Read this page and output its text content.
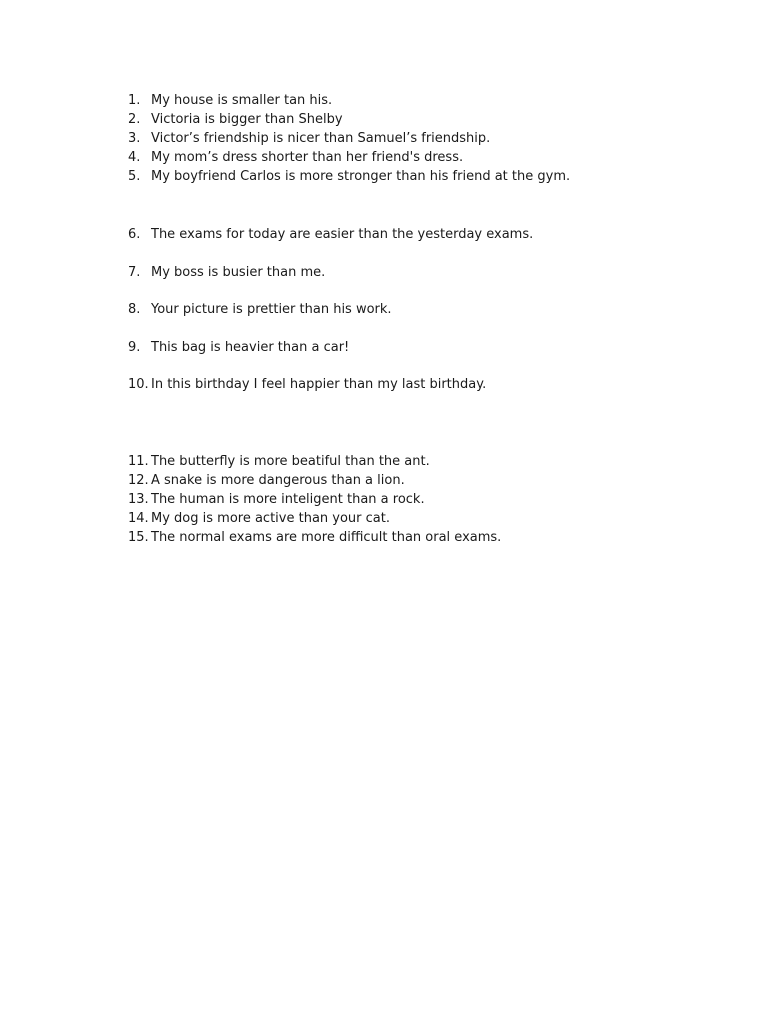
1. My house is smaller tan his.
2. Victoria is bigger than Shelby
3. Victor’s friendship is nicer than Samuel’s friendship.
4. My mom’s dress shorter than her friend's dress.
5. My boyfriend Carlos is more stronger than his friend at the gym.
6. The exams for today are easier than the yesterday exams.
7. My boss is busier than me.
8. Your picture is prettier than his work.
9. This bag is heavier than a car!
10. In this birthday I feel happier than my last birthday.
11. The butterfly is more beatiful than the ant.
12. A snake is more dangerous than a lion.
13. The human is more inteligent than a rock.
14. My dog is more active than your cat.
15. The normal exams are more difficult than oral exams.
